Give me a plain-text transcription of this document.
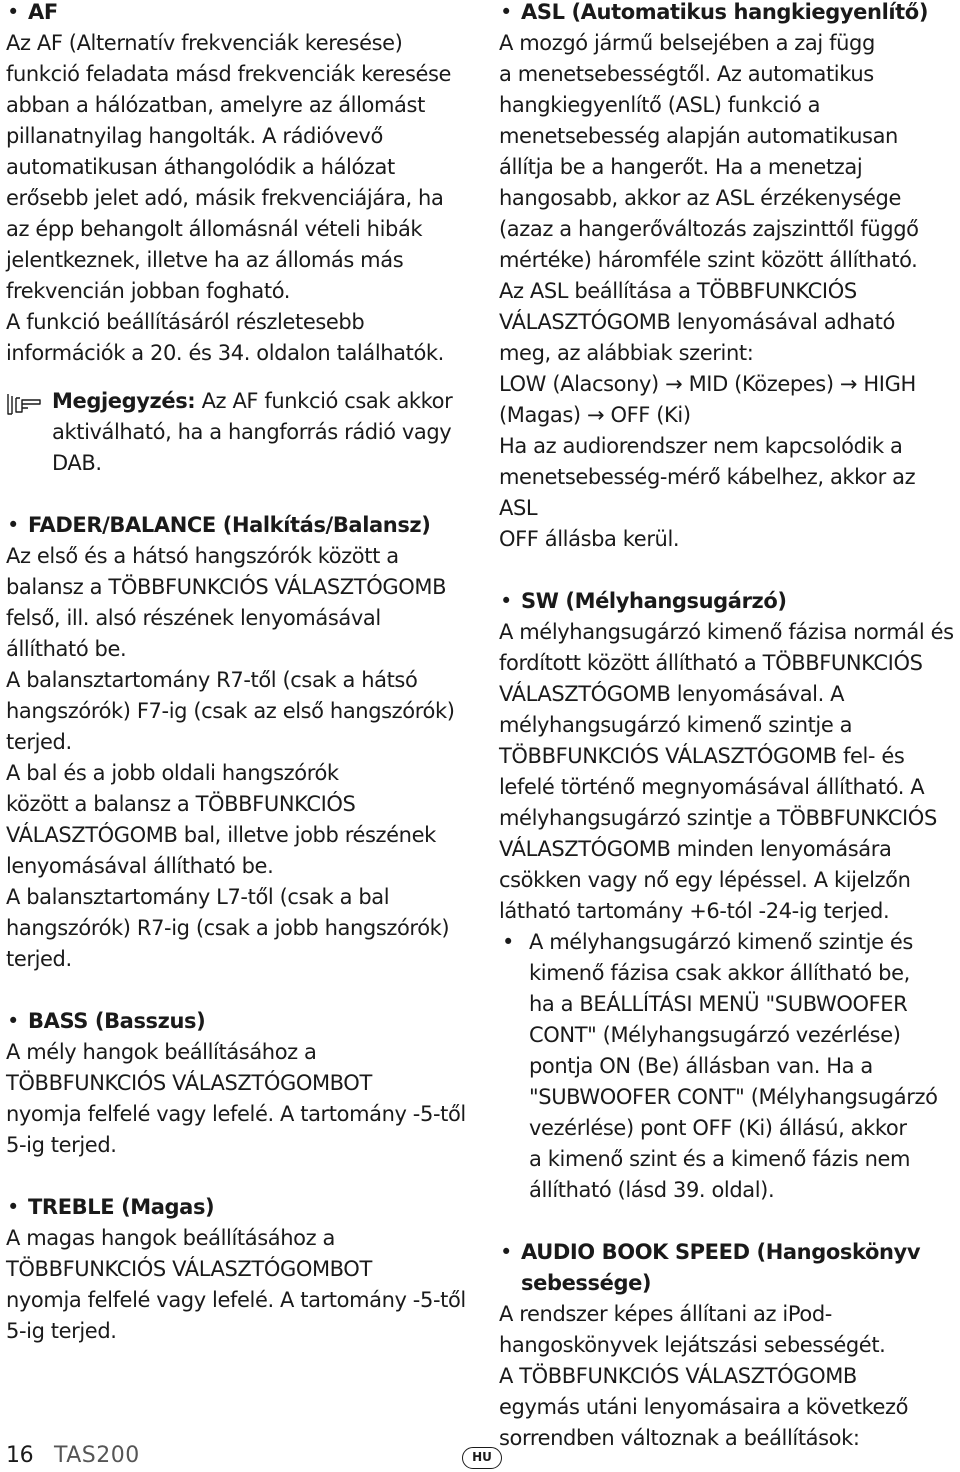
• AF
Az AF (Alternatív frekvenciák keresése)
funkció feladata másd frekvenciák keresése
abban a hálózatban, amelyre az állomást
pillanatnyilag hangolták. A rádióvevő
automatikusan áthangolódik a hálózat
erősebb jelet adó, másik frekvenciájára, ha
az épp behangolt állomásnál vételi hibák
jelentkeznek, illetve ha az állomás más
frekvencián jobban fogható.
A funkció beállításáról részletesebb
információk a 20. és 34. oldalon találhatók.
Megjegyzés: Az AF funkció csak akkor
aktiválható, ha a hangforrás rádió vagy
DAB.
• FADER/BALANCE (Halkítás/Balansz)
Az első és a hátsó hangszórók között a
balansz a TÖBBFUNKCIÓS VÁLASZTÓGOMB
felső, ill. alsó részének lenyomásával
állítható be.
A balansztartomány R7-től (csak a hátsó
hangszórók) F7-ig (csak az első hangszórók)
terjed.
A bal és a jobb oldali hangszórók
között a balansz a TÖBBFUNKCIÓS
VÁLASZTÓGOMB bal, illetve jobb részének
lenyomásával állítható be.
A balansztartomány L7-től (csak a bal
hangszórók) R7-ig (csak a jobb hangszórók)
terjed.
• BASS (Basszus)
A mély hangok beállításához a
TÖBBFUNKCIÓS VÁLASZTÓGOMBOT
nyomja felfelé vagy lefelé. A tartomány -5-től
5-ig terjed.
• TREBLE (Magas)
A magas hangok beállításához a
TÖBBFUNKCIÓS VÁLASZTÓGOMBOT
nyomja felfelé vagy lefelé. A tartomány -5-től
5-ig terjed.
• ASL (Automatikus hangkiegyenlítő)
A mozgó jármű belsejében a zaj függ
a menetsebességtől. Az automatikus
hangkiegyenlítő (ASL) funkció a
menetsebesség alapján automatikusan
állítja be a hangerőt. Ha a menetzaj
hangosabb, akkor az ASL érzékenysége
(azaz a hangerőváltozás zajszinttől függő
mértéke) háromféle szint között állítható.
Az ASL beállítása a TÖBBFUNKCIÓS
VÁLASZTÓGOMB lenyomásával adható
meg, az alábbiak szerint:
LOW (Alacsony) → MID (Közepes) → HIGH
(Magas) → OFF (Ki)
Ha az audiorendszer nem kapcsolódik a
menetsebesség-mérő kábelhez, akkor az ASL
OFF állásba kerül.
• SW (Mélyhangsugárzó)
A mélyhangsugárzó kimenő fázisa normál és
fordított között állítható a TÖBBFUNKCIÓS
VÁLASZTÓGOMB lenyomásával. A
mélyhangsugárzó kimenő szintje a
TÖBBFUNKCIÓS VÁLASZTÓGOMB fel- és
lefelé történő megnyomásával állítható. A
mélyhangsugárzó szintje a TÖBBFUNKCIÓS
VÁLASZTÓGOMB minden lenyomására
csökken vagy nő egy lépéssel. A kijelzőn
látható tartomány +6-tól -24-ig terjed.
• A mélyhangsugárzó kimenő szintje és
kimenő fázisa csak akkor állítható be,
ha a BEÁLLÍTÁSI MENÜ "SUBWOOFER
CONT" (Mélyhangsugárzó vezérlése)
pontja ON (Be) állásban van. Ha a
"SUBWOOFER CONT" (Mélyhangsugárzó
vezérlése) pont OFF (Ki) állású, akkor
a kimenő szint és a kimenő fázis nem
állítható (lásd 39. oldal).
• AUDIO BOOK SPEED (Hangoskönyv
sebessége)
A rendszer képes állítani az iPod-
hangoskönyvek lejátszási sebességét.
A TÖBBFUNKCIÓS VÁLASZTÓGOMB
egymás utáni lenyomásaira a következő
sorrendben változnak a beállítások:
16 TAS200	HU
